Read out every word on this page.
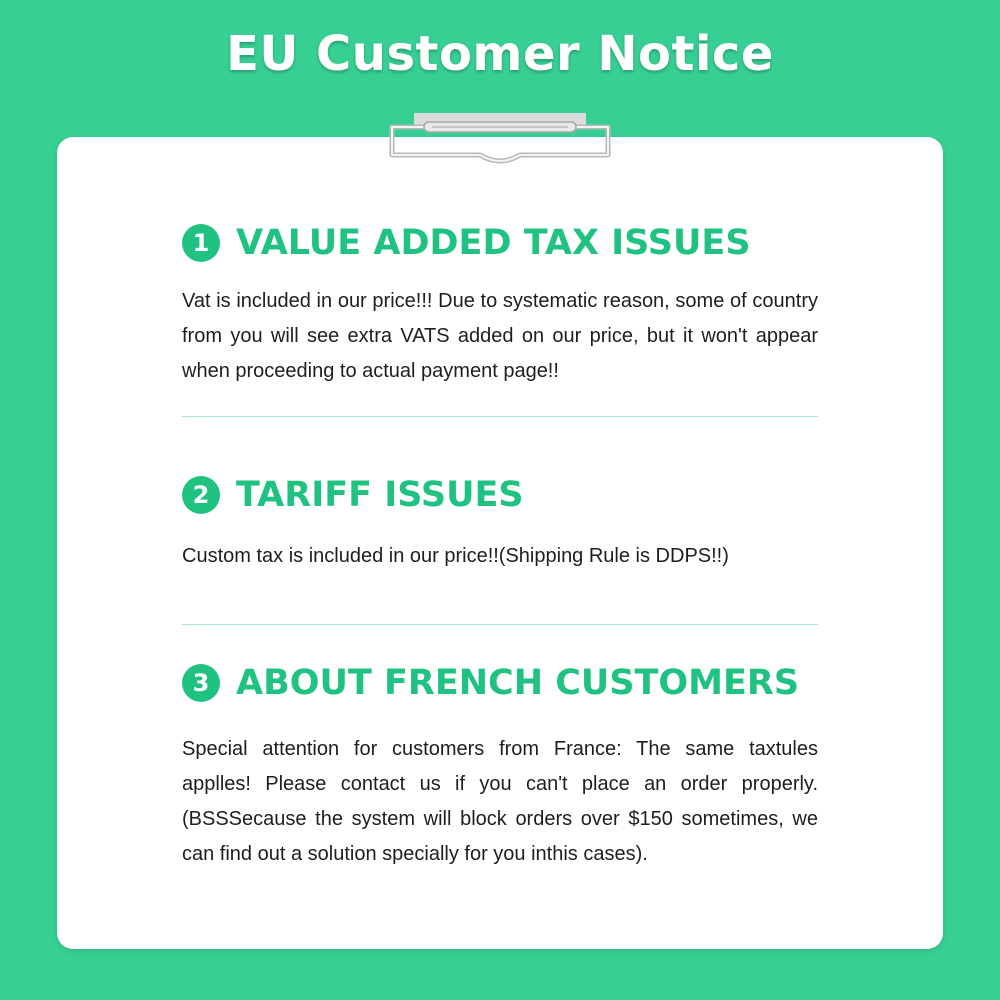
EU Customer Notice
1 VALUE ADDED TAX ISSUES
Vat is included in our price!!! Due to systematic reason, some of country from you will see extra VATS added on our price, but it won't appear when proceeding to actual payment page!!
2 TARIFF ISSUES
Custom tax is included in our price!!(Shipping Rule is DDPS!!)
3 ABOUT FRENCH CUSTOMERS
Special attention for customers from France: The same taxtules applles! Please contact us if you can't place an order properly. (BSSSecause the system will block orders over $150 sometimes, we can find out a solution specially for you inthis cases).
